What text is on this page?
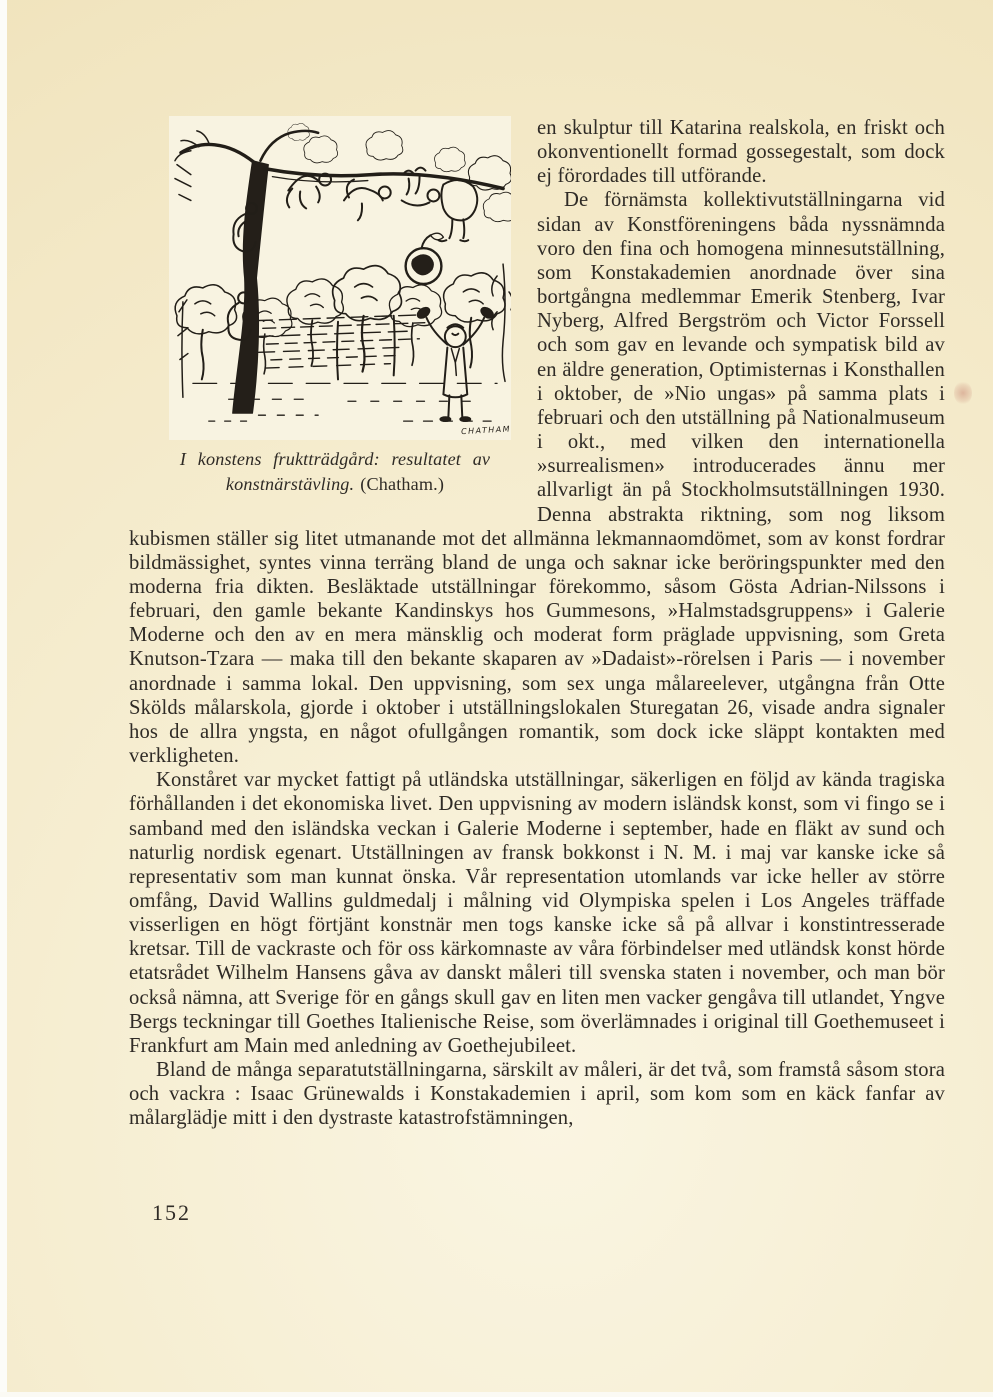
CHATHAM
I konstens fruktträdgård: resultatet av
konstnärstävling. (Chatham.)

en skulptur till Katarina realskola, en friskt och okonventionellt formad gossegestalt, som dock ej förordades till utförande.

De förnämsta kollektivutställningarna vid sidan av Konstföreningens båda nyssnämnda voro den fina och homogena minnesutställning, som Konstakademien anordnade över sina bortgångna medlemmar Emerik Stenberg, Ivar Nyberg, Alfred Bergström och Victor Forssell och som gav en levande och sympatisk bild av en äldre generation, Optimisternas i Konsthallen i oktober, de »Nio ungas» på samma plats i februari och den utställning på Nationalmuseum i okt., med vilken den internationella »surrealismen» introducerades ännu mer allvarligt än på Stockholmsutställningen 1930. Denna abstrakta riktning, som nog liksom kubismen ställer sig litet utmanande mot det allmänna lekmannaomdömet, som av konst fordrar bildmässighet, syntes vinna terräng bland de unga och saknar icke beröringspunkter med den moderna fria dikten. Besläktade utställningar förekommo, såsom Gösta Adrian-Nilssons i februari, den gamle bekante Kandinskys hos Gummesons, »Halmstadsgruppens» i Galerie Moderne och den av en mera mänsklig och moderat form präglade uppvisning, som Greta Knutson-Tzara — maka till den bekante skaparen av »Dadaist»-rörelsen i Paris — i november anordnade i samma lokal. Den uppvisning, som sex unga målareelever, utgångna från Otte Skölds målarskola, gjorde i oktober i utställningslokalen Sturegatan 26, visade andra signaler hos de allra yngsta, en något ofullgången romantik, som dock icke släppt kontakten med verkligheten.

Konståret var mycket fattigt på utländska utställningar, säkerligen en följd av kända tragiska förhållanden i det ekonomiska livet. Den uppvisning av modern isländsk konst, som vi fingo se i samband med den isländska veckan i Galerie Moderne i september, hade en fläkt av sund och naturlig nordisk egenart. Utställningen av fransk bokkonst i N. M. i maj var kanske icke så representativ som man kunnat önska. Vår representation utomlands var icke heller av större omfång, David Wallins guldmedalj i målning vid Olympiska spelen i Los Angeles träffade visserligen en högt förtjänt konstnär men togs kanske icke så på allvar i konstintresserade kretsar. Till de vackraste och för oss kärkomnaste av våra förbindelser med utländsk konst hörde etatsrådet Wilhelm Hansens gåva av danskt måleri till svenska staten i november, och man bör också nämna, att Sverige för en gångs skull gav en liten men vacker gengåva till utlandet, Yngve Bergs teckningar till Goethes Italienische Reise, som överlämnades i original till Goethemuseet i Frankfurt am Main med anledning av Goethejubileet.

Bland de många separatutställningarna, särskilt av måleri, är det två, som framstå såsom stora och vackra : Isaac Grünewalds i Konstakademien i april, som kom som en käck fanfar av målarglädje mitt i den dystraste katastrofstämningen,

152
